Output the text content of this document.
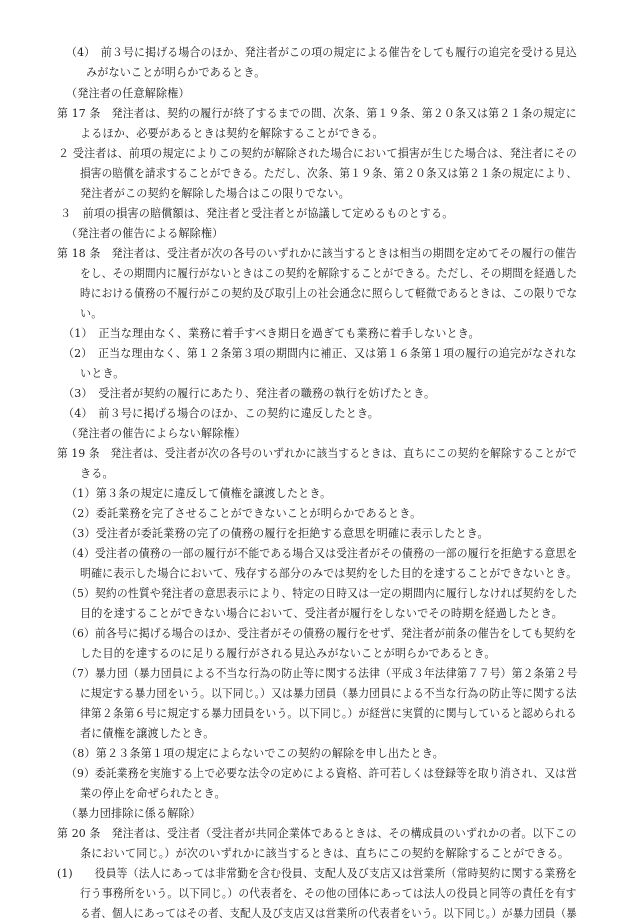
（4）　前３号に掲げる場合のほか、発注者がこの項の規定による催告をしても履行の追完を受ける見込
みがないことが明らかであるとき。
（発注者の任意解除権）
第 17 条　発注者は、契約の履行が終了するまでの間、次条、第１９条、第２０条又は第２１条の規定に
よるほか、必要があるときは契約を解除することができる。
２ 受注者は、前項の規定によりこの契約が解除された場合において損害が生じた場合は、発注者にその
損害の賠償を請求することができる。ただし、次条、第１９条、第２０条又は第２１条の規定により、
発注者がこの契約を解除した場合はこの限りでない。
３　前項の損害の賠償額は、発注者と受注者とが協議して定めるものとする。
（発注者の催告による解除権）
第 18 条　発注者は、受注者が次の各号のいずれかに該当するときは相当の期間を定めてその履行の催告
をし、その期間内に履行がないときはこの契約を解除することができる。ただし、その期間を経過した
時における債務の不履行がこの契約及び取引上の社会通念に照らして軽微であるときは、この限りでな
い。
（1）　正当な理由なく、業務に着手すべき期日を過ぎても業務に着手しないとき。
（2）　正当な理由なく、第１２条第３項の期間内に補正、又は第１６条第１項の履行の追完がなされな
いとき。
（3）　受注者が契約の履行にあたり、発注者の職務の執行を妨げたとき。
（4）　前３号に掲げる場合のほか、この契約に違反したとき。
（発注者の催告によらない解除権）
第 19 条　発注者は、受注者が次の各号のいずれかに該当するときは、直ちにこの契約を解除することがで
きる。
（1）第３条の規定に違反して債権を譲渡したとき。
（2）委託業務を完了させることができないことが明らかであるとき。
（3）受注者が委託業務の完了の債務の履行を拒絶する意思を明確に表示したとき。
（4）受注者の債務の一部の履行が不能である場合又は受注者がその債務の一部の履行を拒絶する意思を
明確に表示した場合において、残存する部分のみでは契約をした目的を達することができないとき。
（5）契約の性質や発注者の意思表示により、特定の日時又は一定の期間内に履行しなければ契約をした
目的を達することができない場合において、受注者が履行をしないでその時期を経過したとき。
（6）前各号に掲げる場合のほか、受注者がその債務の履行をせず、発注者が前条の催告をしても契約を
した目的を達するのに足りる履行がされる見込みがないことが明らかであるとき。
（7）暴力団（暴力団員による不当な行為の防止等に関する法律（平成３年法律第７７号）第２条第２号
に規定する暴力団をいう。以下同じ。）又は暴力団員（暴力団員による不当な行為の防止等に関する法
律第２条第６号に規定する暴力団員をいう。以下同じ。）が経営に実質的に関与していると認められる
者に債権を譲渡したとき。
（8）第２３条第１項の規定によらないでこの契約の解除を申し出たとき。
（9）委託業務を実施する上で必要な法令の定めによる資格、許可若しくは登録等を取り消され、又は営
業の停止を命ぜられたとき。
（暴力団排除に係る解除）
第 20 条　発注者は、受注者（受注者が共同企業体であるときは、その構成員のいずれかの者。以下この
条において同じ。）が次のいずれかに該当するときは、直ちにこの契約を解除することができる。
(1)　　役員等（法人にあっては非常勤を含む役員、支配人及び支店又は営業所（常時契約に関する業務を
行う事務所をいう。以下同じ。）の代表者を、その他の団体にあっては法人の役員と同等の責任を有す
る者、個人にあってはその者、支配人及び支店又は営業所の代表者をいう。以下同じ。）が暴力団員（暴
